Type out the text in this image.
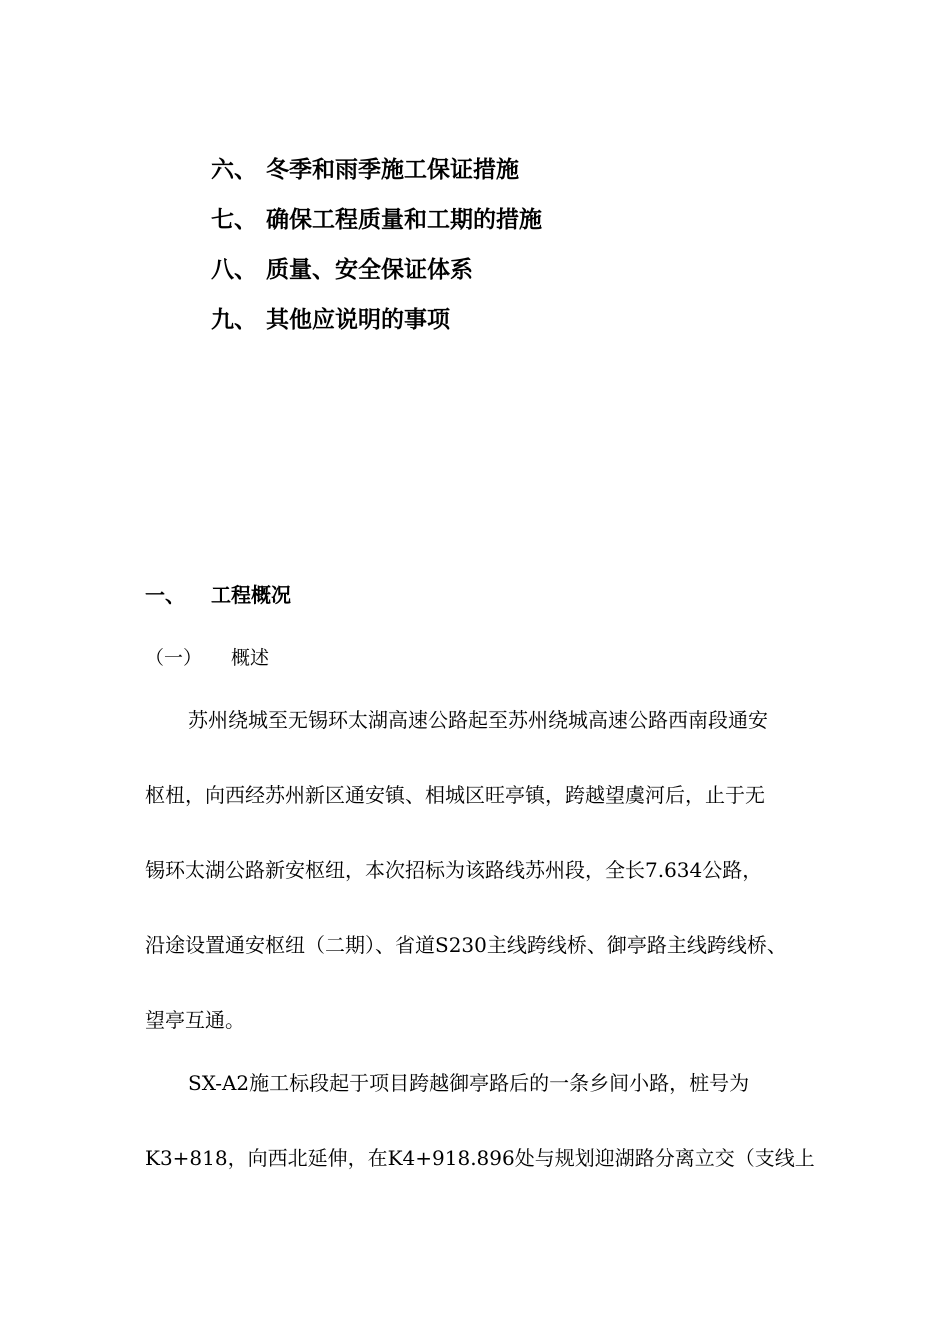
六、 冬季和雨季施工保证措施
七、 确保工程质量和工期的措施
八、 质量、安全保证体系
九、 其他应说明的事项
一、 工程概况
（一） 概述
苏州绕城至无锡环太湖高速公路起至苏州绕城高速公路西南段通安
枢杻，向西经苏州新区通安镇、相城区旺亭镇，跨越望虞河后，止于无
锡环太湖公路新安枢纽，本次招标为该路线苏州段，全长7.634公路，
沿途设置通安枢纽（二期）、省道S230主线跨线桥、御亭路主线跨线桥、
望亭互通。
SX-A2施工标段起于项目跨越御亭路后的一条乡间小路，桩号为
K3+818，向西北延伸，在K4+918.896处与规划迎湖路分离立交（支线上
